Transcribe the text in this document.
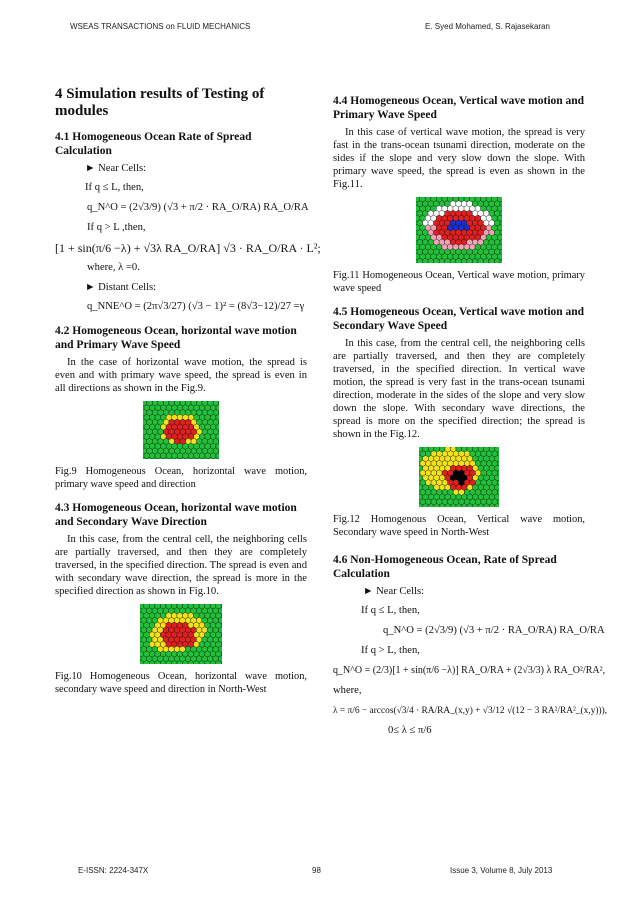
WSEAS TRANSACTIONS on FLUID MECHANICS	E. Syed Mohamed, S. Rajasekaran
4 Simulation results of Testing of modules
4.1 Homogeneous Ocean Rate of Spread Calculation
► Near Cells:
If q ≤ L, then,
q_N^O = (2√3/9) (√3 + π/2 · RA_O/RA) RA_O/RA
If q > L ,then,
[1 + sin(π/6 −λ) + √3λ RA_O/RA] √3 · RA_O/RA · L²;
where, λ =0.
► Distant Cells:
q_NNE^O = (2π√3/27) (√3 − 1)² = (8√3−12)/27 =γ
4.2 Homogeneous Ocean, horizontal wave motion and Primary Wave Speed

In the case of horizontal wave motion, the spread is even and with primary wave speed, the spread is even in all directions as shown in the Fig.9.

Fig.9 Homogeneous Ocean, horizontal wave motion, primary wave speed and direction
4.3 Homogeneous Ocean, horizontal wave motion and Secondary Wave Direction

In this case, from the central cell, the neighboring cells are partially traversed, and then they are completely traversed, in the specified direction. The spread is even and with secondary wave direction, the spread is more in the specified direction as shown in Fig.10.

Fig.10 Homogeneous Ocean, horizontal wave motion, secondary wave speed and direction in North-West
4.4 Homogeneous Ocean, Vertical wave motion and Primary Wave Speed

In this case of vertical wave motion, the spread is very fast in the trans-ocean tsunami direction, moderate on the sides if the slope and very slow down the slope. With primary wave speed, the spread is even as shown in the Fig.11.

Fig.11 Homogeneous Ocean, Vertical wave motion, primary wave speed
4.5 Homogeneous Ocean, Vertical wave motion and Secondary Wave Speed

In this case, from the central cell, the neighboring cells are partially traversed, and then they are completely traversed, in the specified direction. In vertical wave motion, the spread is very fast in the trans-ocean tsunami direction, moderate in the sides of the slope and very slow down the slope. With secondary wave directions, the spread is more on the specified direction; the spread is shown in the Fig.12.

Fig.12 Homogenous Ocean, Vertical wave motion, Secondary wave speed in North-West
4.6 Non-Homogeneous Ocean, Rate of Spread Calculation
► Near Cells:
If q ≤ L, then,
q_N^O = (2√3/9) (√3 + π/2 · RA_O/RA) RA_O/RA
If q > L, then,
q_N^O = (2/3)[1 + sin(π/6 −λ)] RA_O/RA + (2√3/3) λ RA_O²/RA²,
where,
λ = π/6 − arccos(√3/4 · RA/RA_(x,y) + √3/12 √(12 − 3 RA²/RA²_(x,y))),
0≤ λ ≤ π/6
E-ISSN: 2224-347X	98	Issue 3, Volume 8, July 2013
